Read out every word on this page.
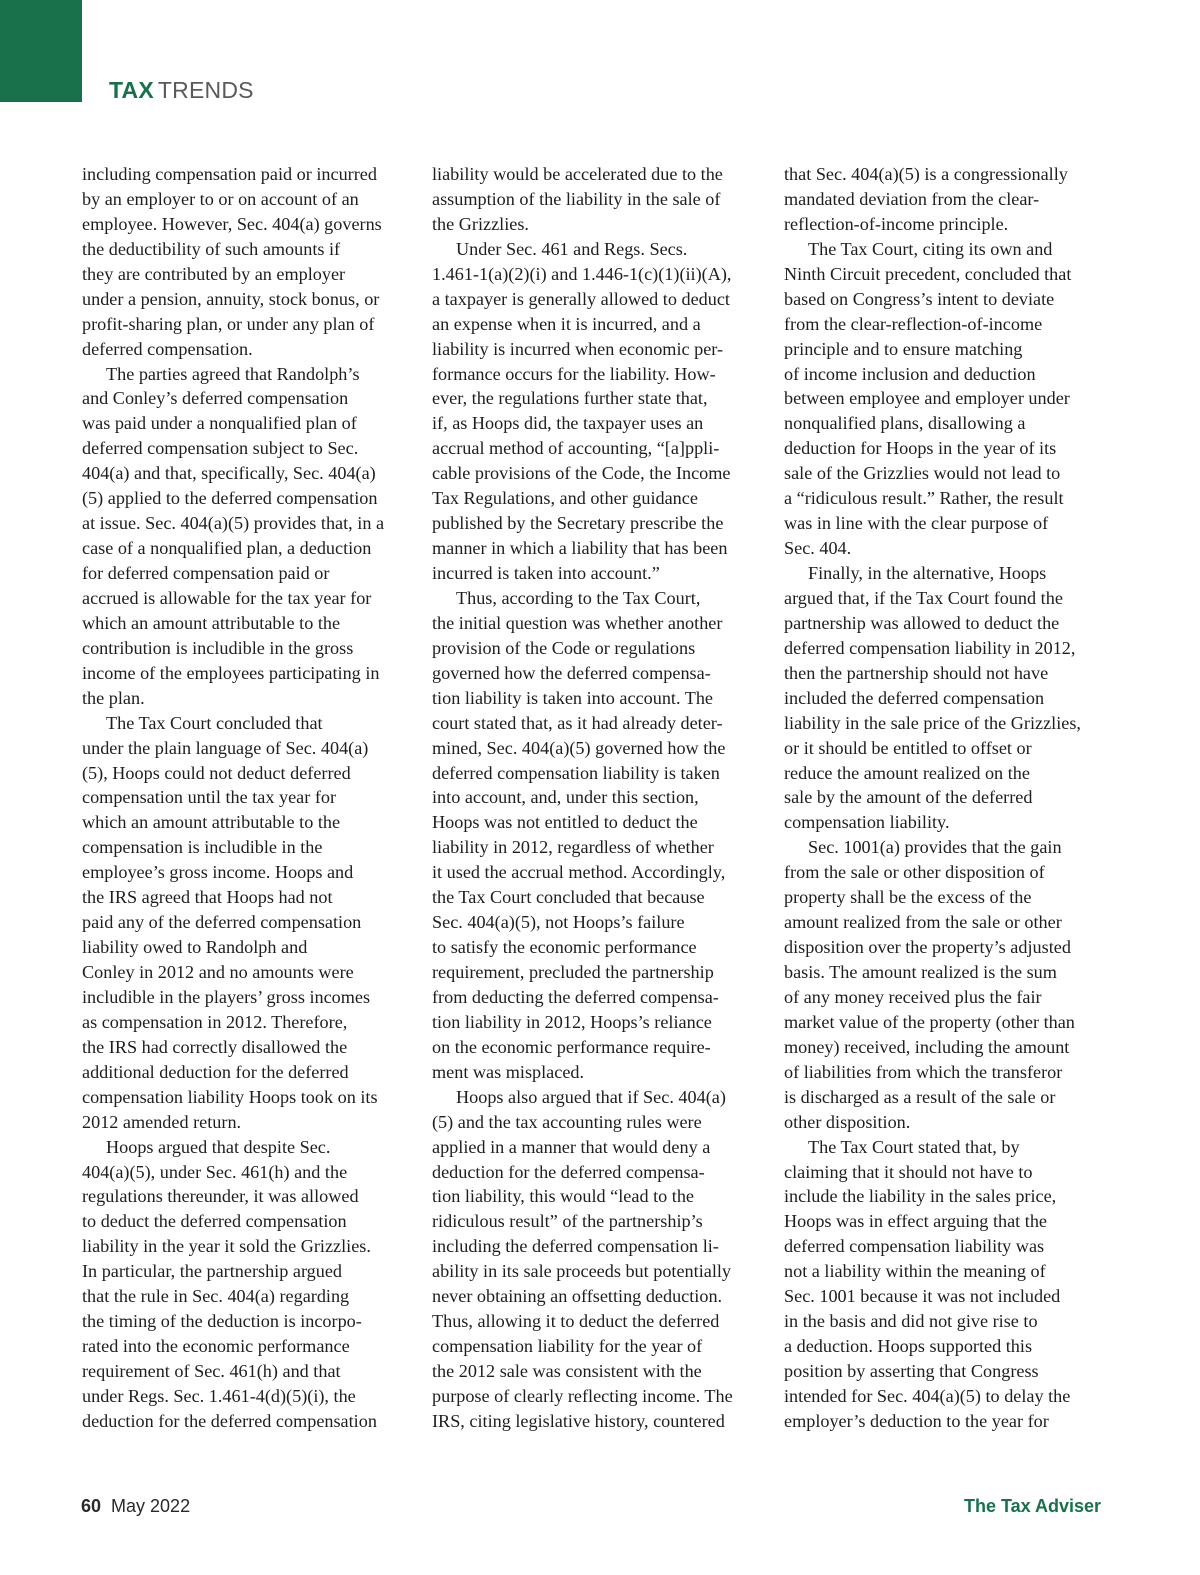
TAX TRENDS
including compensation paid or incurred
by an employer to or on account of an
employee. However, Sec. 404(a) governs
the deductibility of such amounts if
they are contributed by an employer
under a pension, annuity, stock bonus, or
profit-sharing plan, or under any plan of
deferred compensation.
The parties agreed that Randolph’s
and Conley’s deferred compensation
was paid under a nonqualified plan of
deferred compensation subject to Sec.
404(a) and that, specifically, Sec. 404(a)
(5) applied to the deferred compensation
at issue. Sec. 404(a)(5) provides that, in a
case of a nonqualified plan, a deduction
for deferred compensation paid or
accrued is allowable for the tax year for
which an amount attributable to the
contribution is includible in the gross
income of the employees participating in
the plan.
The Tax Court concluded that
under the plain language of Sec. 404(a)
(5), Hoops could not deduct deferred
compensation until the tax year for
which an amount attributable to the
compensation is includible in the
employee’s gross income. Hoops and
the IRS agreed that Hoops had not
paid any of the deferred compensation
liability owed to Randolph and
Conley in 2012 and no amounts were
includible in the players’ gross incomes
as compensation in 2012. Therefore,
the IRS had correctly disallowed the
additional deduction for the deferred
compensation liability Hoops took on its
2012 amended return.
Hoops argued that despite Sec.
404(a)(5), under Sec. 461(h) and the
regulations thereunder, it was allowed
to deduct the deferred compensation
liability in the year it sold the Grizzlies.
In particular, the partnership argued
that the rule in Sec. 404(a) regarding
the timing of the deduction is incorpo-
rated into the economic performance
requirement of Sec. 461(h) and that
under Regs. Sec. 1.461-4(d)(5)(i), the
deduction for the deferred compensation
liability would be accelerated due to the
assumption of the liability in the sale of
the Grizzlies.
Under Sec. 461 and Regs. Secs.
1.461-1(a)(2)(i) and 1.446-1(c)(1)(ii)(A),
a taxpayer is generally allowed to deduct
an expense when it is incurred, and a
liability is incurred when economic per-
formance occurs for the liability. How-
ever, the regulations further state that,
if, as Hoops did, the taxpayer uses an
accrual method of accounting, “[a]ppli-
cable provisions of the Code, the Income
Tax Regulations, and other guidance
published by the Secretary prescribe the
manner in which a liability that has been
incurred is taken into account.”
Thus, according to the Tax Court,
the initial question was whether another
provision of the Code or regulations
governed how the deferred compensa-
tion liability is taken into account. The
court stated that, as it had already deter-
mined, Sec. 404(a)(5) governed how the
deferred compensation liability is taken
into account, and, under this section,
Hoops was not entitled to deduct the
liability in 2012, regardless of whether
it used the accrual method. Accordingly,
the Tax Court concluded that because
Sec. 404(a)(5), not Hoops’s failure
to satisfy the economic performance
requirement, precluded the partnership
from deducting the deferred compensa-
tion liability in 2012, Hoops’s reliance
on the economic performance require-
ment was misplaced.
Hoops also argued that if Sec. 404(a)
(5) and the tax accounting rules were
applied in a manner that would deny a
deduction for the deferred compensa-
tion liability, this would “lead to the
ridiculous result” of the partnership’s
including the deferred compensation li-
ability in its sale proceeds but potentially
never obtaining an offsetting deduction.
Thus, allowing it to deduct the deferred
compensation liability for the year of
the 2012 sale was consistent with the
purpose of clearly reflecting income. The
IRS, citing legislative history, countered
that Sec. 404(a)(5) is a congressionally
mandated deviation from the clear-
reflection-of-income principle.
The Tax Court, citing its own and
Ninth Circuit precedent, concluded that
based on Congress’s intent to deviate
from the clear-reflection-of-income
principle and to ensure matching
of income inclusion and deduction
between employee and employer under
nonqualified plans, disallowing a
deduction for Hoops in the year of its
sale of the Grizzlies would not lead to
a “ridiculous result.” Rather, the result
was in line with the clear purpose of
Sec. 404.
Finally, in the alternative, Hoops
argued that, if the Tax Court found the
partnership was allowed to deduct the
deferred compensation liability in 2012,
then the partnership should not have
included the deferred compensation
liability in the sale price of the Grizzlies,
or it should be entitled to offset or
reduce the amount realized on the
sale by the amount of the deferred
compensation liability.
Sec. 1001(a) provides that the gain
from the sale or other disposition of
property shall be the excess of the
amount realized from the sale or other
disposition over the property’s adjusted
basis. The amount realized is the sum
of any money received plus the fair
market value of the property (other than
money) received, including the amount
of liabilities from which the transferor
is discharged as a result of the sale or
other disposition.
The Tax Court stated that, by
claiming that it should not have to
include the liability in the sales price,
Hoops was in effect arguing that the
deferred compensation liability was
not a liability within the meaning of
Sec. 1001 because it was not included
in the basis and did not give rise to
a deduction. Hoops supported this
position by asserting that Congress
intended for Sec. 404(a)(5) to delay the
employer’s deduction to the year for
60 May 2022	The Tax Adviser
